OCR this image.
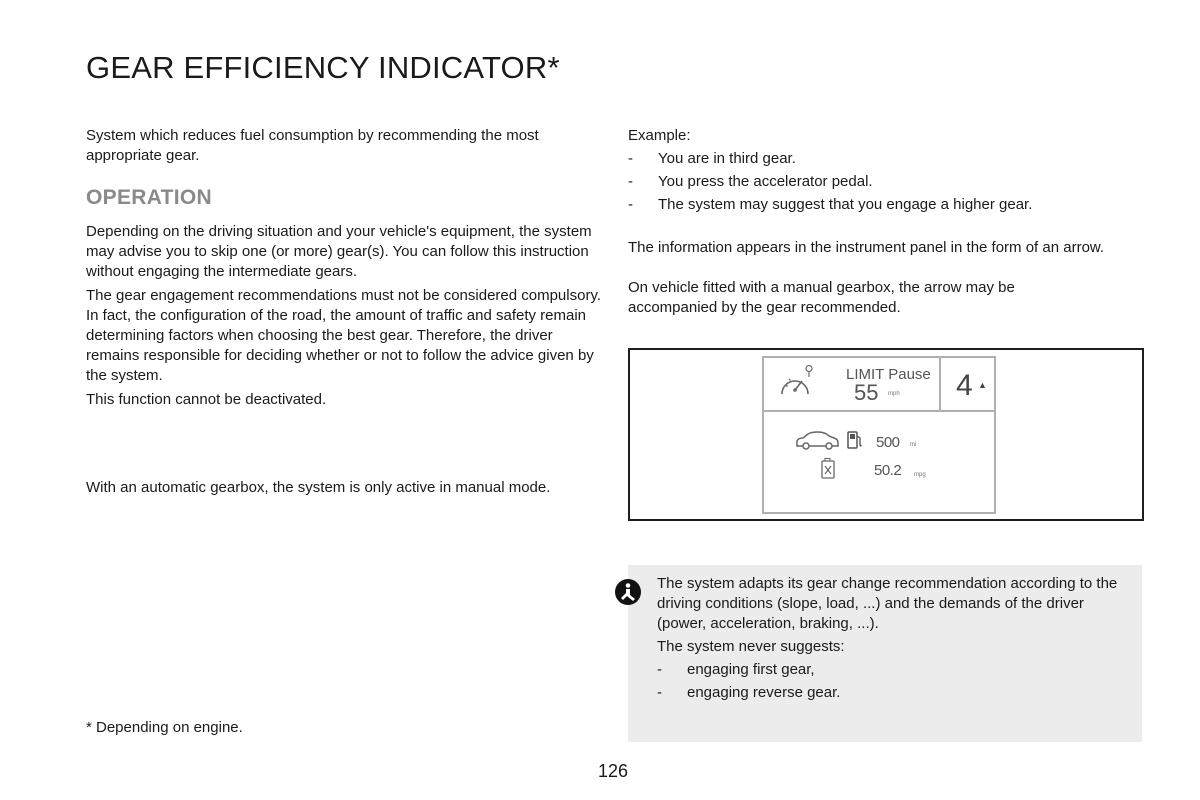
GEAR EFFICIENCY INDICATOR*

System which reduces fuel consumption by recommending the most appropriate gear.

OPERATION

Depending on the driving situation and your vehicle's equipment, the system may advise you to skip one (or more) gear(s). You can follow this instruction without engaging the intermediate gears.

The gear engagement recommendations must not be considered compulsory. In fact, the configuration of the road, the amount of traffic and safety remain determining factors when choosing the best gear. Therefore, the driver remains responsible for deciding whether or not to follow the advice given by the system.

This function cannot be deactivated.

With an automatic gearbox, the system is only active in manual mode.

Example:

- You are in third gear.
- You press the accelerator pedal.
- The system may suggest that you engage a higher gear.

The information appears in the instrument panel in the form of an arrow.

On vehicle fitted with a manual gearbox, the arrow may be accompanied by the gear recommended.

LIMIT Pause
55 mph 4 ▲
500 mi
50.2 mpg

The system adapts its gear change recommendation according to the driving conditions (slope, load, ...) and the demands of the driver (power, acceleration, braking, ...).

The system never suggests:

- engaging first gear,
- engaging reverse gear.

* Depending on engine.

126
